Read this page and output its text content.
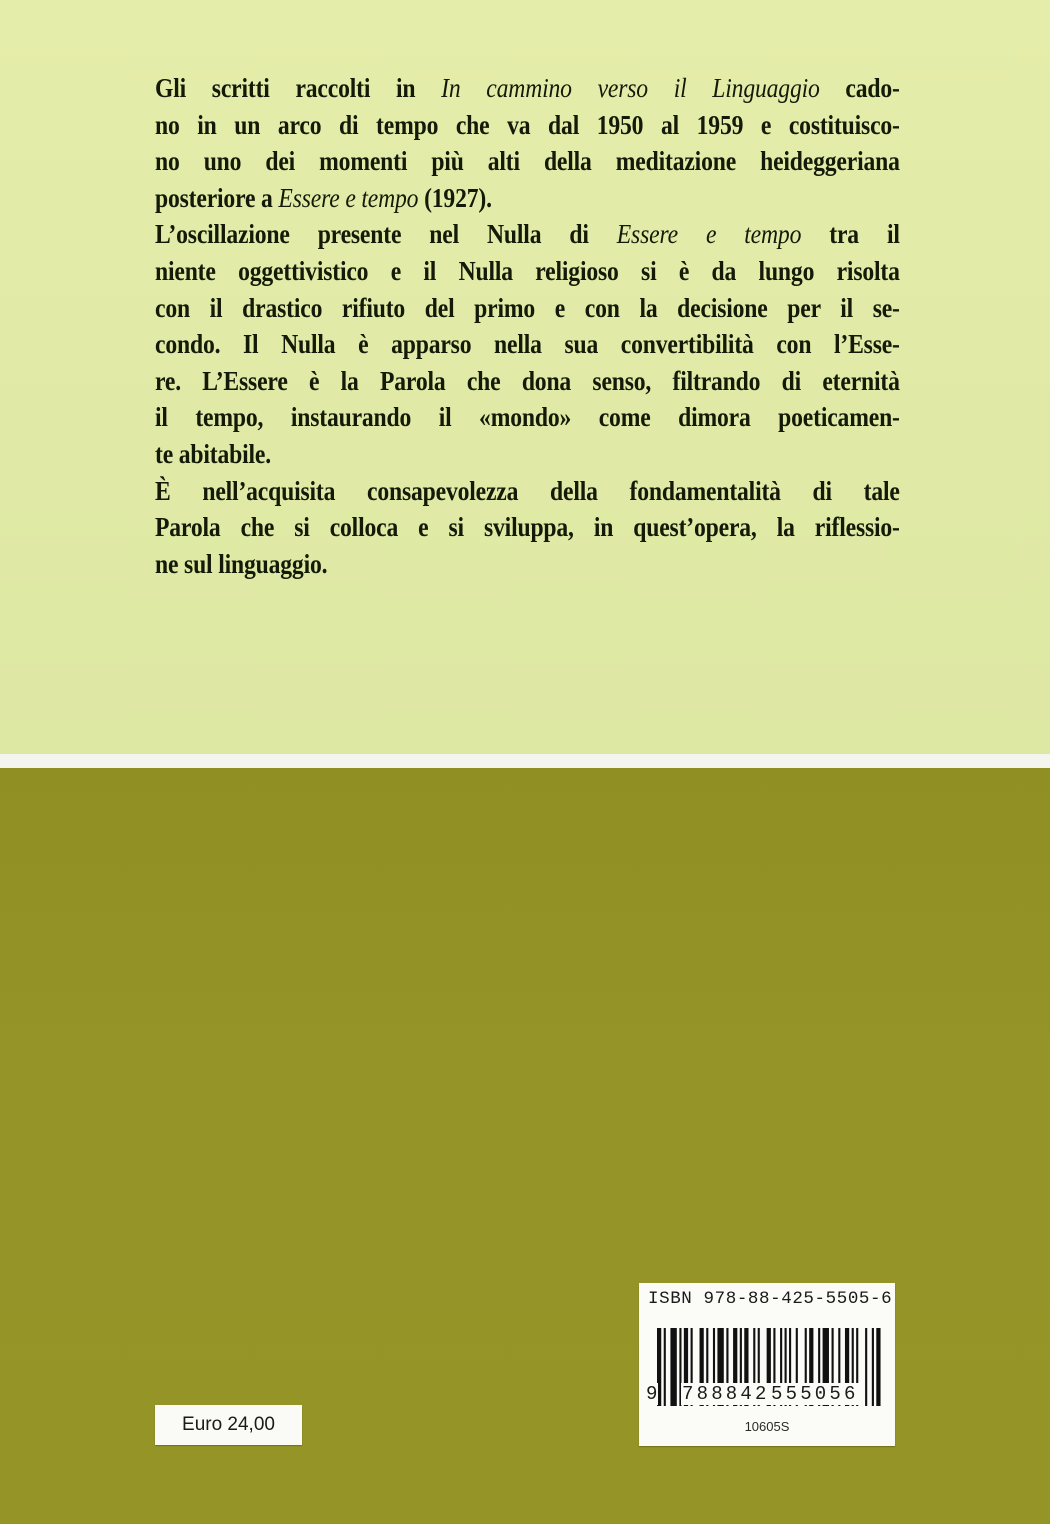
Gli scritti raccolti in In cammino verso il Linguaggio cado-
no in un arco di tempo che va dal 1950 al 1959 e costituisco-
no uno dei momenti più alti della meditazione heideggeriana
posteriore a Essere e tempo (1927).
L’oscillazione presente nel Nulla di Essere e tempo tra il
niente oggettivistico e il Nulla religioso si è da lungo risolta
con il drastico rifiuto del primo e con la decisione per il se-
condo. Il Nulla è apparso nella sua convertibilità con l’Esse-
re. L’Essere è la Parola che dona senso, filtrando di eternità
il tempo, instaurando il «mondo» come dimora poeticamen-
te abitabile.
È nell’acquisita consapevolezza della fondamentalità di tale
Parola che si colloca e si sviluppa, in quest’opera, la riflessio-
ne sul linguaggio.
Euro 24,00
ISBN 978-88-425-5505-6
9 788842 555056
10605S
